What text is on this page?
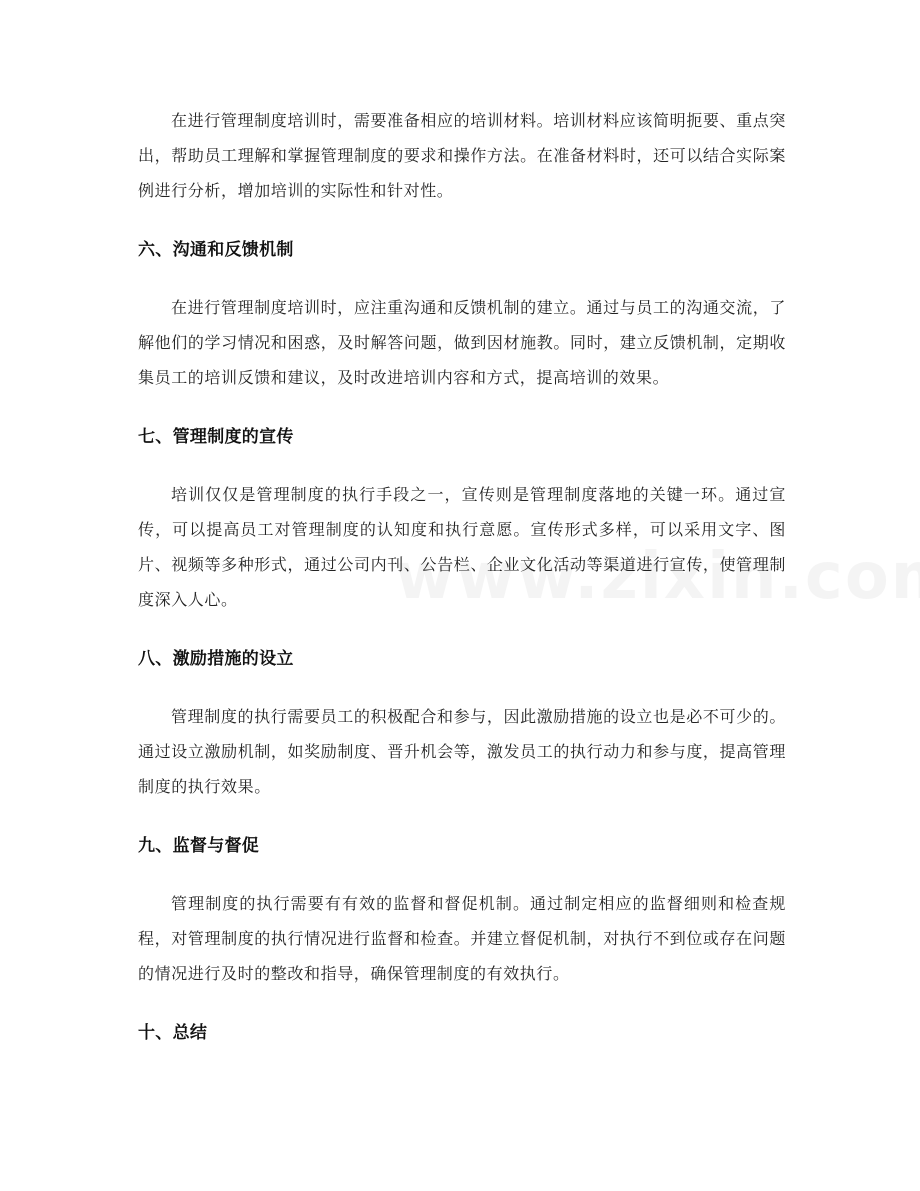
在进行管理制度培训时，需要准备相应的培训材料。培训材料应该简明扼要、重点突出，帮助员工理解和掌握管理制度的要求和操作方法。在准备材料时，还可以结合实际案例进行分析，增加培训的实际性和针对性。

六、沟通和反馈机制

在进行管理制度培训时，应注重沟通和反馈机制的建立。通过与员工的沟通交流，了解他们的学习情况和困惑，及时解答问题，做到因材施教。同时，建立反馈机制，定期收集员工的培训反馈和建议，及时改进培训内容和方式，提高培训的效果。

七、管理制度的宣传

培训仅仅是管理制度的执行手段之一，宣传则是管理制度落地的关键一环。通过宣传，可以提高员工对管理制度的认知度和执行意愿。宣传形式多样，可以采用文字、图片、视频等多种形式，通过公司内刊、公告栏、企业文化活动等渠道进行宣传，使管理制度深入人心。

八、激励措施的设立

管理制度的执行需要员工的积极配合和参与，因此激励措施的设立也是必不可少的。通过设立激励机制，如奖励制度、晋升机会等，激发员工的执行动力和参与度，提高管理制度的执行效果。

九、监督与督促

管理制度的执行需要有有效的监督和督促机制。通过制定相应的监督细则和检查规程，对管理制度的执行情况进行监督和检查。并建立督促机制，对执行不到位或存在问题的情况进行及时的整改和指导，确保管理制度的有效执行。

十、总结
